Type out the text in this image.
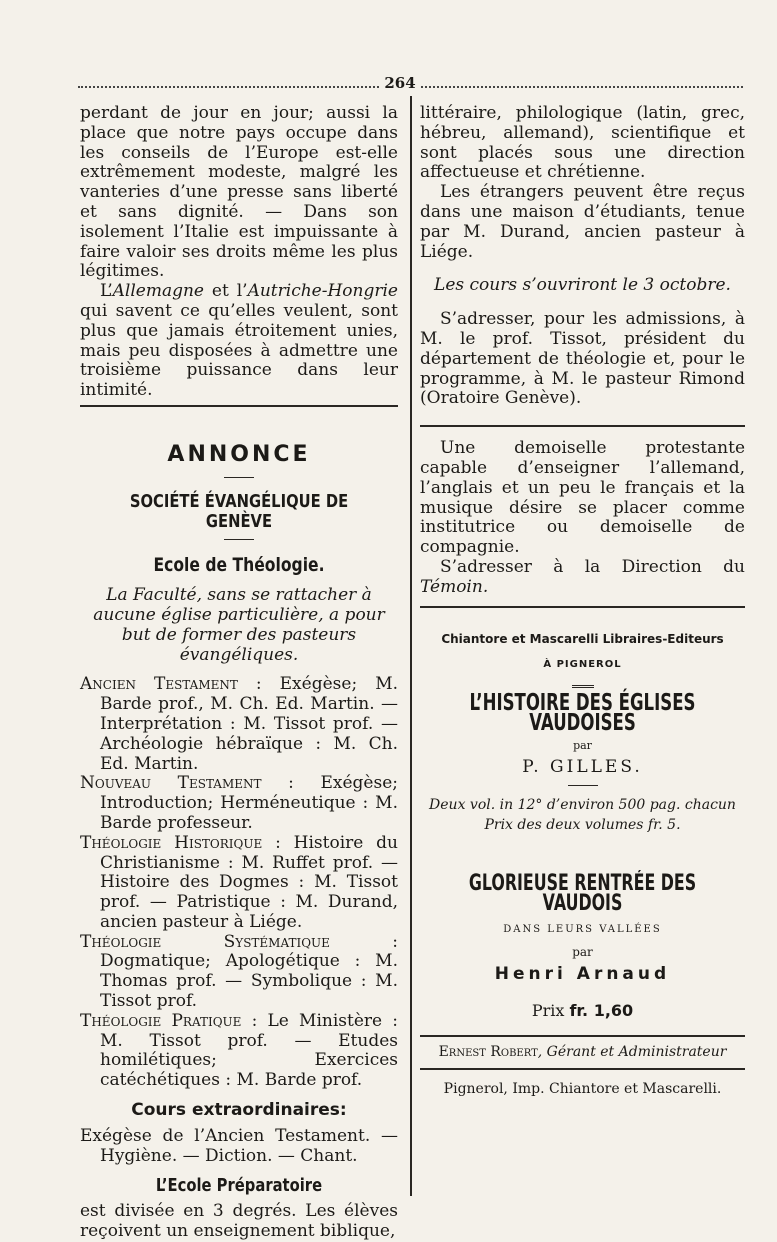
264

perdant de jour en jour; aussi la place que notre pays occupe dans les conseils de l’Europe est-elle extrêmement modeste, malgré les vanteries d’une presse sans liberté et sans dignité. — Dans son isolement l’Italie est impuissante à faire valoir ses droits même les plus légitimes.

L’Allemagne et l’Autriche-Hongrie qui savent ce qu’elles veulent, sont plus que jamais étroitement unies, mais peu disposées à admettre une troisième puissance dans leur intimité.

ANNONCE
SOCIÉTÉ ÉVANGÉLIQUE DE GENÈVE
Ecole de Théologie.

La Faculté, sans se rattacher à aucune église particulière, a pour but de former des pasteurs évangéliques.

Ancien Testament : Exégèse; M. Barde prof., M. Ch. Ed. Martin. — Interprétation : M. Tissot prof. — Archéologie hébraïque : M. Ch. Ed. Martin.

Nouveau Testament : Exégèse; Introduction; Herméneutique : M. Barde professeur.

Théologie Historique : Histoire du Christianisme : M. Ruffet prof. — Histoire des Dogmes : M. Tissot prof. — Patristique : M. Durand, ancien pasteur à Liége.

Théologie Systématique : Dogmatique; Apologétique : M. Thomas prof. — Symbolique : M. Tissot prof.

Théologie Pratique : Le Ministère : M. Tissot prof. — Etudes homilétiques; Exercices catéchétiques : M. Barde prof.

Cours extraordinaires:

Exégèse de l’Ancien Testament. — Hygiène. — Diction. — Chant.

L’Ecole Préparatoire

est divisée en 3 degrés. Les élèves reçoivent un enseignement biblique,

littéraire, philologique (latin, grec, hébreu, allemand), scientifique et sont placés sous une direction affectueuse et chrétienne.

Les étrangers peuvent être reçus dans une maison d’étudiants, tenue par M. Durand, ancien pasteur à Liége.

Les cours s’ouvriront le 3 octobre.

S’adresser, pour les admissions, à M. le prof. Tissot, président du département de théologie et, pour le programme, à M. le pasteur Rimond (Oratoire Genève).

Une demoiselle protestante capable d’enseigner l’allemand, l’anglais et un peu le français et la musique désire se placer comme institutrice ou demoiselle de compagnie.

S’adresser à la Direction du Témoin.

Chiantore et Mascarelli Libraires-Editeurs
À PIGNEROL
L’HISTOIRE DES ÉGLISES VAUDOISES
par
P. GILLES.
Deux vol. in 12° d’environ 500 pag. chacun
Prix des deux volumes fr. 5.
GLORIEUSE RENTRÉE DES VAUDOIS
DANS LEURS VALLÉES
par
Henri Arnaud
Prix fr. 1,60
Ernest Robert, Gérant et Administrateur
Pignerol, Imp. Chiantore et Mascarelli.
